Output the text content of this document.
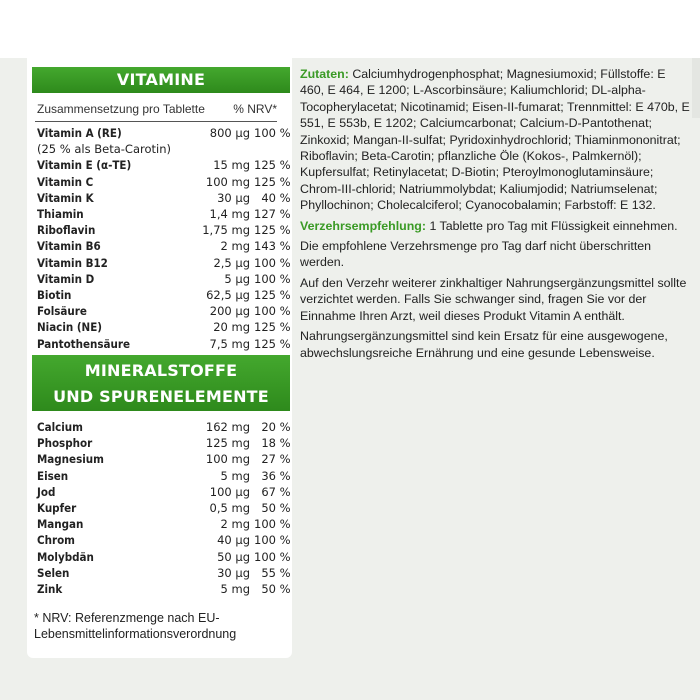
VITAMINE
Zusammensetzung pro Tablette % NRV*
Vitamin A (RE)	800 µg	100 %
(25 % als Beta-Carotin)		
Vitamin E (α-TE)	15 mg	125 %
Vitamin C	100 mg	125 %
Vitamin K	30 µg	40 %
Thiamin	1,4 mg	127 %
Riboflavin	1,75 mg	125 %
Vitamin B6	2 mg	143 %
Vitamin B12	2,5 µg	100 %
Vitamin D	5 µg	100 %
Biotin	62,5 µg	125 %
Folsäure	200 µg	100 %
Niacin (NE)	20 mg	125 %
Pantothensäure	7,5 mg	125 %
MINERALSTOFFE
UND SPURENELEMENTE
Calcium	162 mg	20 %
Phosphor	125 mg	18 %
Magnesium	100 mg	27 %
Eisen	5 mg	36 %
Jod	100 µg	67 %
Kupfer	0,5 mg	50 %
Mangan	2 mg	100 %
Chrom	40 µg	100 %
Molybdän	50 µg	100 %
Selen	30 µg	55 %
Zink	5 mg	50 %
* NRV: Referenzmenge nach EU-Lebensmittelinformationsverordnung

Zutaten: Calciumhydrogenphosphat; Magnesiumoxid; Füllstoffe: E 460, E 464, E 1200; L-Ascorbinsäure; Kaliumchlorid; DL-alpha-Tocopherylacetat; Nicotinamid; Eisen-II-fumarat; Trennmittel: E 470b, E 551, E 553b, E 1202; Calciumcarbonat; Calcium-D-Pantothenat; Zinkoxid; Mangan-II-sulfat; Pyridoxinhydrochlorid; Thiaminmononitrat; Riboflavin; Beta-Carotin; pflanzliche Öle (Kokos-, Palmkernöl); Kupfersulfat; Retinylacetat; D-Biotin; Pteroylmonoglutaminsäure; Chrom-III-chlorid; Natriummolybdat; Kaliumjodid; Natriumselenat; Phyllochinon; Cholecalciferol; Cyanocobalamin; Farbstoff: E 132.

Verzehrsempfehlung: 1 Tablette pro Tag mit Flüssigkeit einnehmen.

Die empfohlene Verzehrsmenge pro Tag darf nicht überschritten werden.

Auf den Verzehr weiterer zinkhaltiger Nahrungsergänzungsmittel sollte verzichtet werden. Falls Sie schwanger sind, fragen Sie vor der Einnahme Ihren Arzt, weil dieses Produkt Vitamin A enthält.

Nahrungsergänzungsmittel sind kein Ersatz für eine ausgewogene, abwechslungsreiche Ernährung und eine gesunde Lebensweise.
